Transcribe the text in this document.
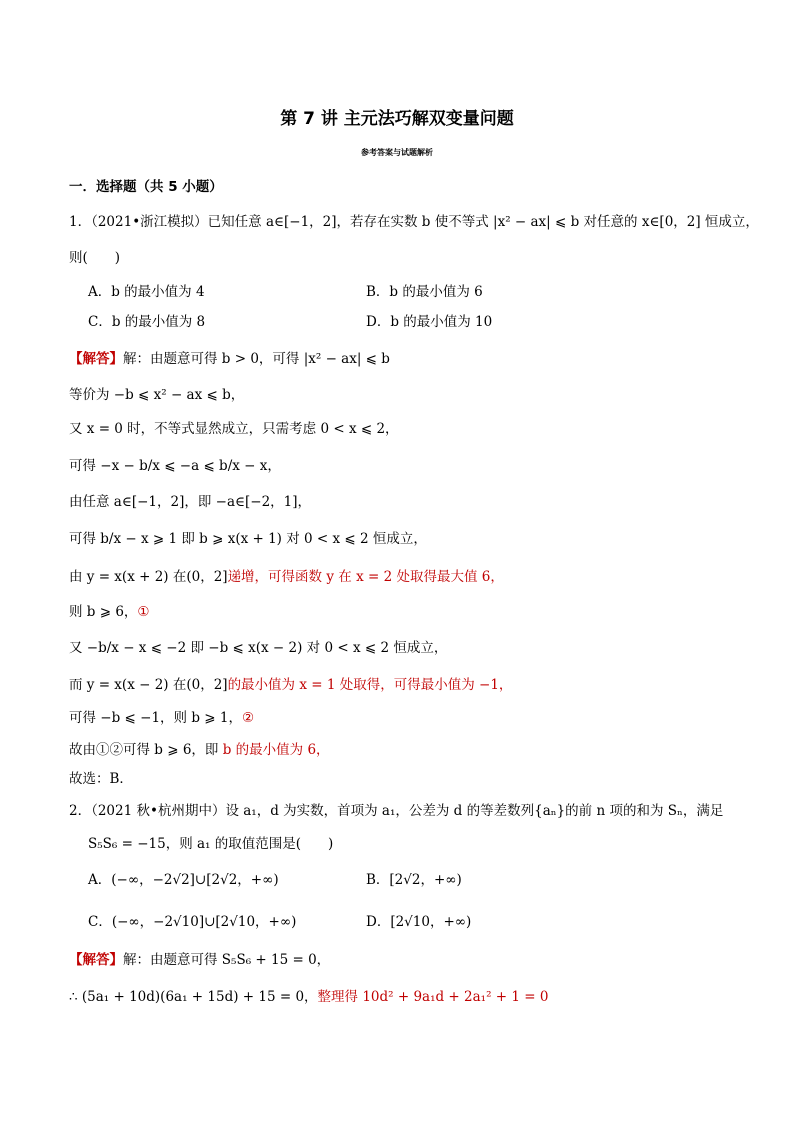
第 7 讲 主元法巧解双变量问题
参考答案与试题解析
一．选择题（共 5 小题）
1．（2021•浙江模拟）已知任意 a∈[−1，2]，若存在实数 b 使不等式 |x² − ax| ⩽ b 对任意的 x∈[0，2] 恒成立，
则(　　)
A．b 的最小值为 4	B．b 的最小值为 6
C．b 的最小值为 8	D．b 的最小值为 10
【解答】解：由题意可得 b > 0，可得 |x² − ax| ⩽ b
等价为 −b ⩽ x² − ax ⩽ b，
又 x = 0 时，不等式显然成立，只需考虑 0 < x ⩽ 2，
可得 −x − b/x ⩽ −a ⩽ b/x − x，
由任意 a∈[−1，2]，即 −a∈[−2，1]，
可得 b/x − x ⩾ 1 即 b ⩾ x(x + 1) 对 0 < x ⩽ 2 恒成立，
由 y = x(x + 2) 在(0，2]递增，可得函数 y 在 x = 2 处取得最大值 6，
则 b ⩾ 6，①
又 −b/x − x ⩽ −2 即 −b ⩽ x(x − 2) 对 0 < x ⩽ 2 恒成立，
而 y = x(x − 2) 在(0，2]的最小值为 x = 1 处取得，可得最小值为 −1，
可得 −b ⩽ −1，则 b ⩾ 1，②
故由①②可得 b ⩾ 6，即 b 的最小值为 6，
故选：B．
2．（2021 秋•杭州期中）设 a₁，d 为实数，首项为 a₁，公差为 d 的等差数列{aₙ}的前 n 项的和为 Sₙ，满足
S₅S₆ = −15，则 a₁ 的取值范围是(　　)
A．(−∞，−2√2]∪[2√2，+∞)	B．[2√2，+∞)
C．(−∞，−2√10]∪[2√10，+∞)	D．[2√10，+∞)
【解答】解：由题意可得 S₅S₆ + 15 = 0，
∴ (5a₁ + 10d)(6a₁ + 15d) + 15 = 0，整理得 10d² + 9a₁d + 2a₁² + 1 = 0
